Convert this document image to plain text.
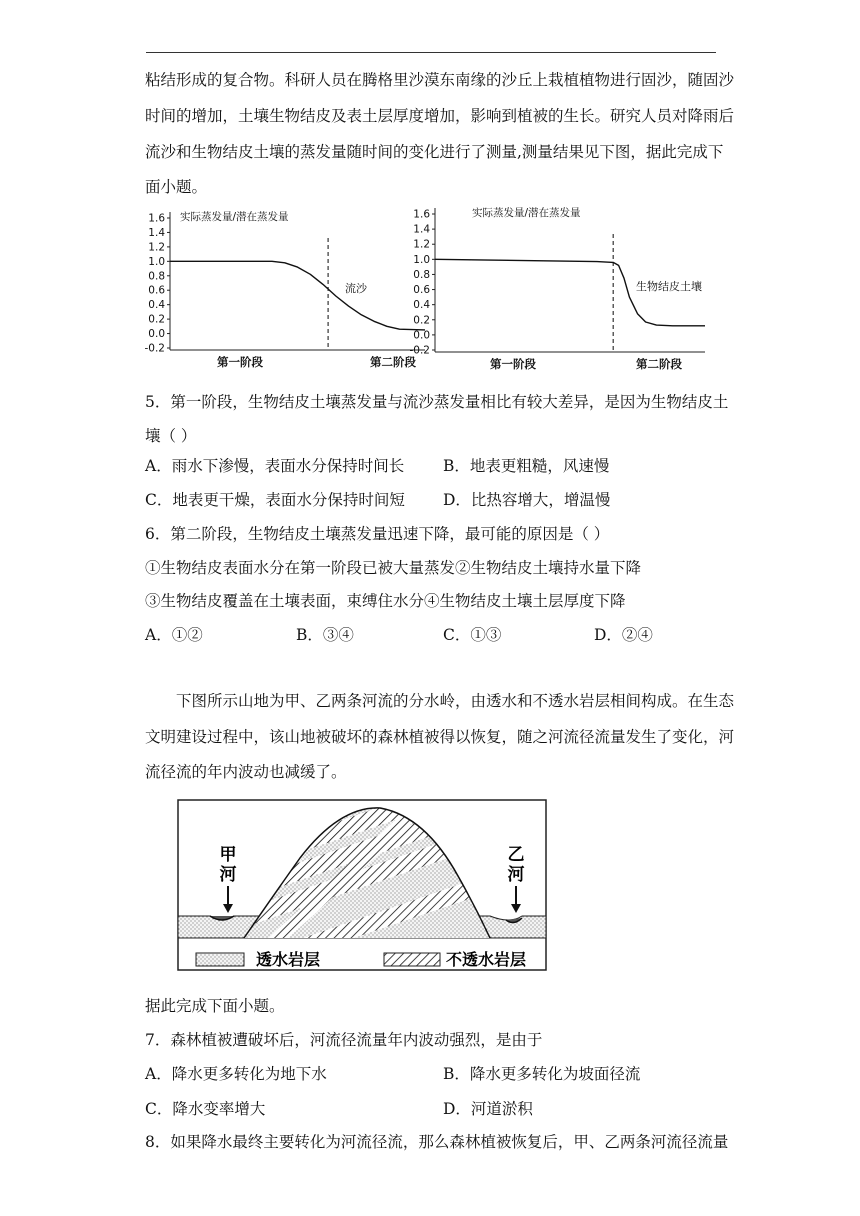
粘结形成的复合物。科研人员在腾格里沙漠东南缘的沙丘上栽植植物进行固沙，随固沙
时间的增加，土壤生物结皮及表土层厚度增加，影响到植被的生长。研究人员对降雨后
流沙和生物结皮土壤的蒸发量随时间的变化进行了测量,测量结果见下图，据此完成下
面小题。
1.6
1.4
1.2
1.0
0.8
0.6
0.4
0.2
0.0
-0.2
实际蒸发量/潜在蒸发量
流沙
第一阶段	第二阶段
1.6
1.4
1.2
1.0
0.8
0.6
0.4
0.2
0.0
-0.2
实际蒸发量/潜在蒸发量
生物结皮土壤
第一阶段	第二阶段
5．第一阶段，生物结皮土壤蒸发量与流沙蒸发量相比有较大差异，是因为生物结皮土
壤（ ）
A．雨水下渗慢，表面水分保持时间长	B．地表更粗糙，风速慢
C．地表更干燥，表面水分保持时间短 D．比热容增大，增温慢
6．第二阶段，生物结皮土壤蒸发量迅速下降，最可能的原因是（ ）
①生物结皮表面水分在第一阶段已被大量蒸发②生物结皮土壤持水量下降
③生物结皮覆盖在土壤表面，束缚住水分④生物结皮土壤土层厚度下降
A．①②	B．③④	C．①③	D．②④
下图所示山地为甲、乙两条河流的分水岭，由透水和不透水岩层相间构成。在生态
文明建设过程中，该山地被破坏的森林植被得以恢复，随之河流径流量发生了变化，河
流径流的年内波动也减缓了。
甲
河
乙
河
透水岩层	不透水岩层
据此完成下面小题。
7．森林植被遭破坏后，河流径流量年内波动强烈，是由于
A．降水更多转化为地下水	B．降水更多转化为坡面径流
C．降水变率增大	D．河道淤积
8．如果降水最终主要转化为河流径流，那么森林植被恢复后，甲、乙两条河流径流量
